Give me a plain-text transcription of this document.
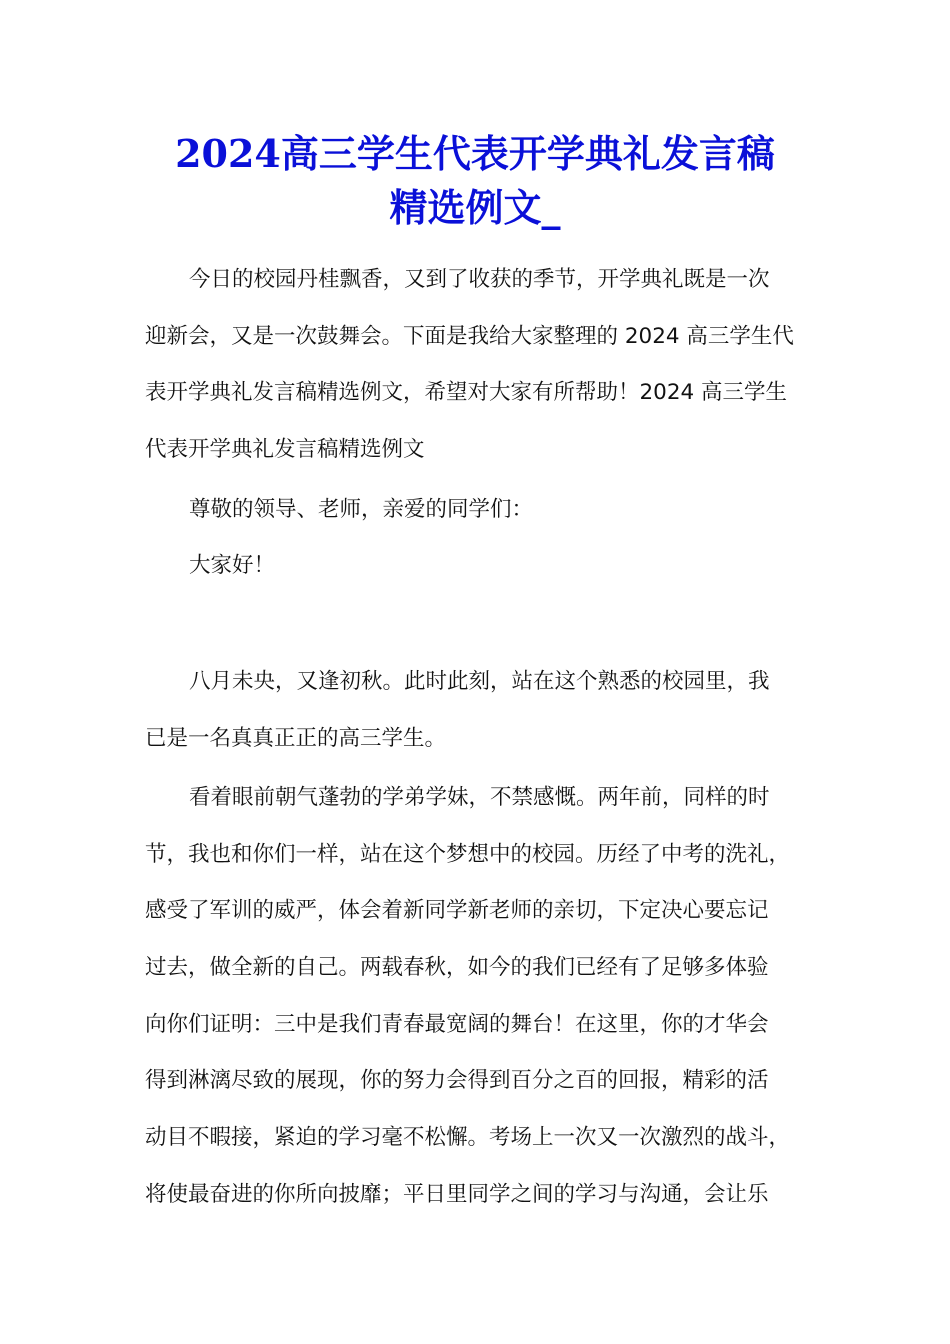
2024高三学生代表开学典礼发言稿
精选例文_
今日的校园丹桂飘香，又到了收获的季节，开学典礼既是一次
迎新会，又是一次鼓舞会。下面是我给大家整理的 2024 高三学生代
表开学典礼发言稿精选例文，希望对大家有所帮助！2024 高三学生
代表开学典礼发言稿精选例文
尊敬的领导、老师，亲爱的同学们：
大家好！
八月未央，又逢初秋。此时此刻，站在这个熟悉的校园里，我
已是一名真真正正的高三学生。
看着眼前朝气蓬勃的学弟学妹，不禁感慨。两年前，同样的时
节，我也和你们一样，站在这个梦想中的校园。历经了中考的洗礼，
感受了军训的威严，体会着新同学新老师的亲切，下定决心要忘记
过去，做全新的自己。两载春秋，如今的我们已经有了足够多体验
向你们证明：三中是我们青春最宽阔的舞台！在这里，你的才华会
得到淋漓尽致的展现，你的努力会得到百分之百的回报，精彩的活
动目不暇接，紧迫的学习毫不松懈。考场上一次又一次激烈的战斗，
将使最奋进的你所向披靡；平日里同学之间的学习与沟通，会让乐
